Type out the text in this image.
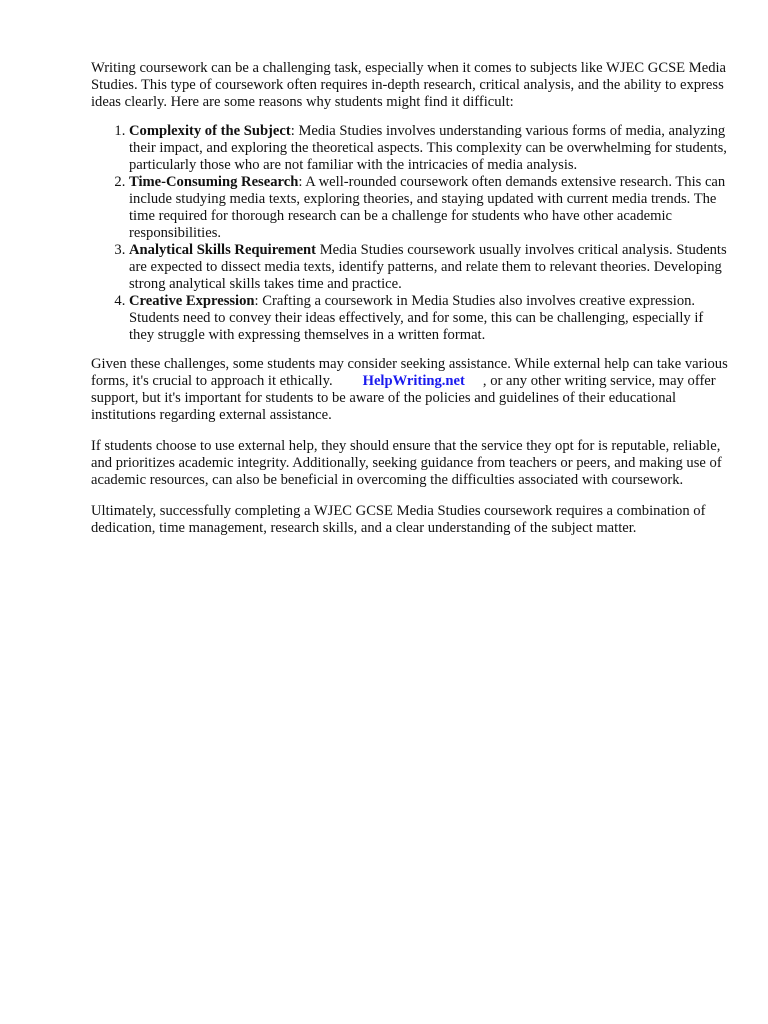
Writing coursework can be a challenging task, especially when it comes to subjects like WJEC GCSE Media Studies. This type of coursework often requires in-depth research, critical analysis, and the ability to express ideas clearly. Here are some reasons why students might find it difficult:

1. Complexity of the Subject: Media Studies involves understanding various forms of media, analyzing their impact, and exploring the theoretical aspects. This complexity can be overwhelming for students, particularly those who are not familiar with the intricacies of media analysis.
2. Time-Consuming Research: A well-rounded coursework often demands extensive research. This can include studying media texts, exploring theories, and staying updated with current media trends. The time required for thorough research can be a challenge for students who have other academic responsibilities.
3. Analytical Skills Requirement Media Studies coursework usually involves critical analysis. Students are expected to dissect media texts, identify patterns, and relate them to relevant theories. Developing strong analytical skills takes time and practice.
4. Creative Expression: Crafting a coursework in Media Studies also involves creative expression. Students need to convey their ideas effectively, and for some, this can be challenging, especially if they struggle with expressing themselves in a written format.

Given these challenges, some students may consider seeking assistance. While external help can take various forms, it's crucial to approach it ethically. HelpWriting.net , or any other writing service, may offer support, but it's important for students to be aware of the policies and guidelines of their educational institutions regarding external assistance.

If students choose to use external help, they should ensure that the service they opt for is reputable, reliable, and prioritizes academic integrity. Additionally, seeking guidance from teachers or peers, and making use of academic resources, can also be beneficial in overcoming the difficulties associated with coursework.

Ultimately, successfully completing a WJEC GCSE Media Studies coursework requires a combination of dedication, time management, research skills, and a clear understanding of the subject matter.
